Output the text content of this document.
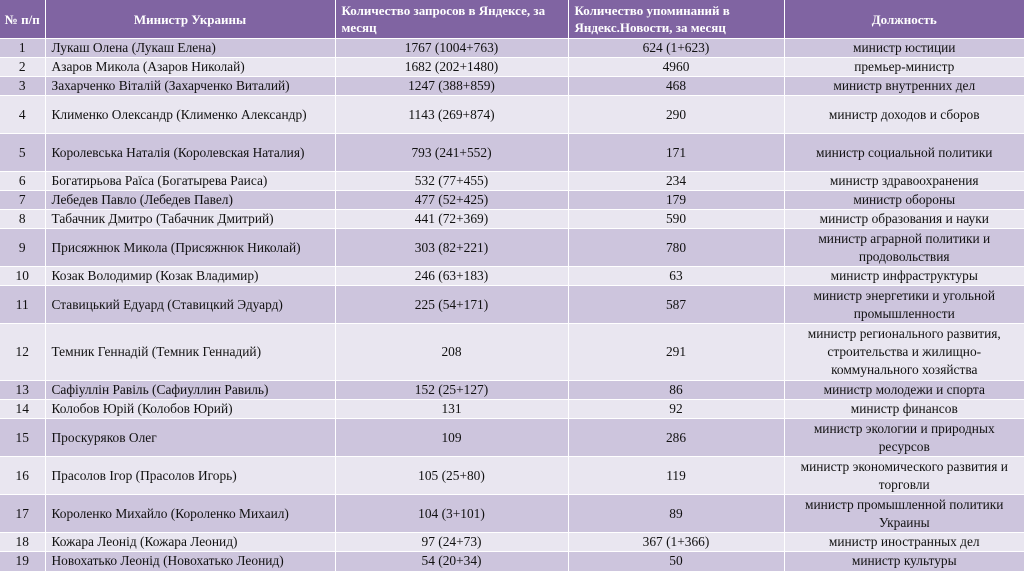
№ п/п	Министр Украины	Количество запросов в Яндексе, за месяц	Количество упоминаний в Яндекс.Новости, за месяц	Должность
1	Лукаш Олена (Лукаш Елена)	1767 (1004+763)	624 (1+623)	министр юстиции
2	Азаров Микола (Азаров Николай)	1682 (202+1480)	4960	премьер-министр
3	Захарченко Віталій (Захарченко Виталий)	1247 (388+859)	468	министр внутренних дел
4	Клименко Олександр (Клименко Александр)	1143 (269+874)	290	министр доходов и сборов
5	Королевська Наталія (Королевская Наталия)	793 (241+552)	171	министр социальной политики
6	Богатирьова Раїса (Богатырева Раиса)	532 (77+455)	234	министр здравоохранения
7	Лебедев Павло (Лебедев Павел)	477 (52+425)	179	министр обороны
8	Табачник Дмитро (Табачник Дмитрий)	441 (72+369)	590	министр образования и науки
9	Присяжнюк Микола (Присяжнюк Николай)	303 (82+221)	780	министр аграрной политики и продовольствия
10	Козак Володимир (Козак Владимир)	246 (63+183)	63	министр инфраструктуры
11	Ставицький Едуард (Ставицкий Эдуард)	225 (54+171)	587	министр энергетики и угольной промышленности
12	Темник Геннадій (Темник Геннадий)	208	291	министр регионального развития, строительства и жилищно-коммунального хозяйства
13	Сафіуллін Равіль (Сафиуллин Равиль)	152 (25+127)	86	министр молодежи и спорта
14	Колобов Юрій (Колобов Юрий)	131	92	министр финансов
15	Проскуряков Олег	109	286	министр экологии и природных ресурсов
16	Прасолов Ігор (Прасолов Игорь)	105 (25+80)	119	министр экономического развития и торговли
17	Короленко Михайло (Короленко Михаил)	104 (3+101)	89	министр промышленной политики Украины
18	Кожара Леонід (Кожара Леонид)	97 (24+73)	367 (1+366)	министр иностранных дел
19	Новохатько Леонід (Новохатько Леонид)	54 (20+34)	50	министр культуры
